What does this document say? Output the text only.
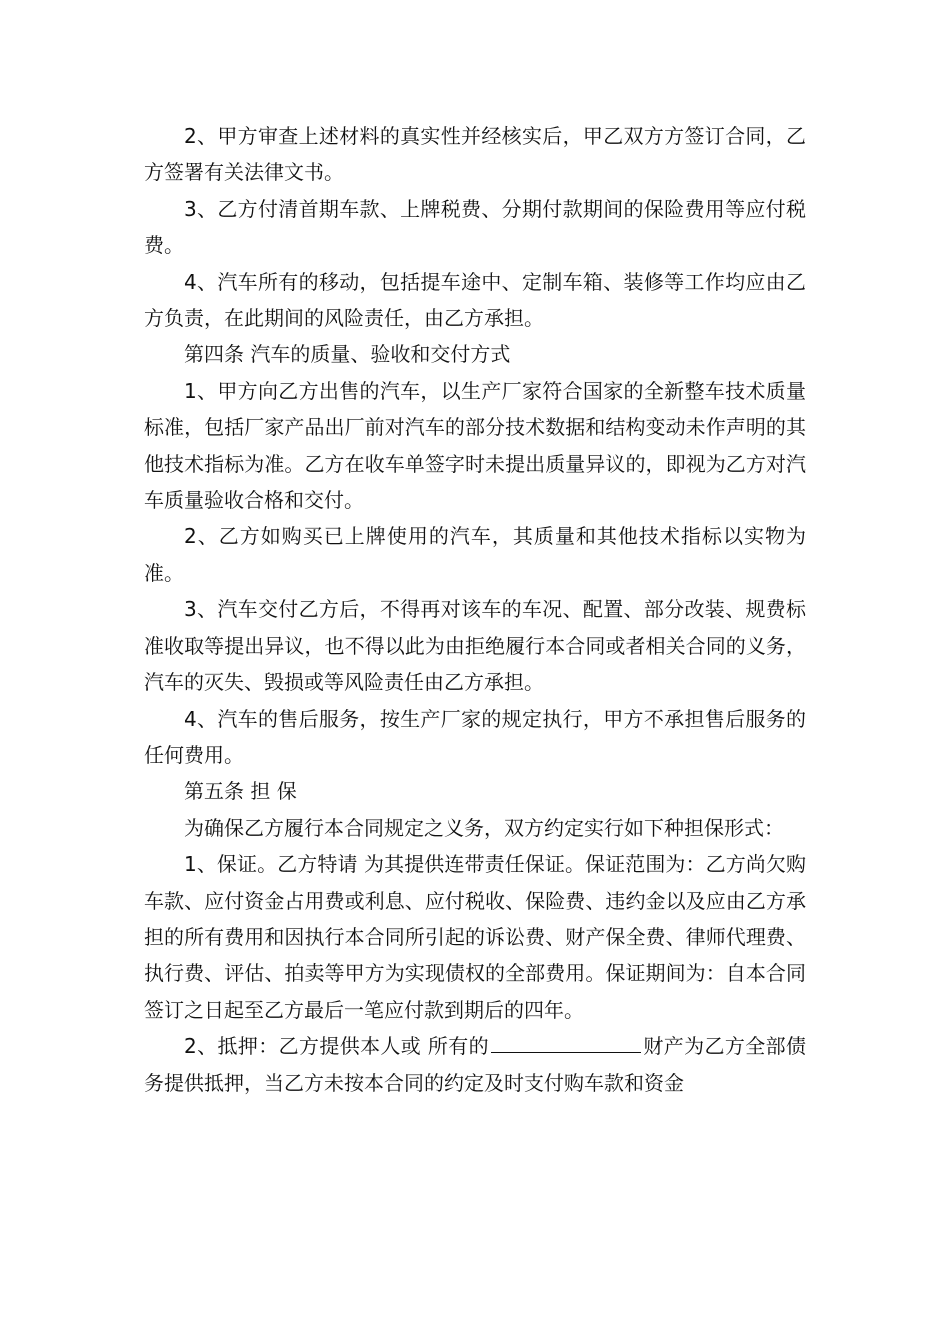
2、甲方审查上述材料的真实性并经核实后，甲乙双方方签订合同，乙方签署有关法律文书。

3、乙方付清首期车款、上牌税费、分期付款期间的保险费用等应付税费。

4、汽车所有的移动，包括提车途中、定制车箱、装修等工作均应由乙方负责，在此期间的风险责任，由乙方承担。

第四条 汽车的质量、验收和交付方式

1、甲方向乙方出售的汽车，以生产厂家符合国家的全新整车技术质量标准，包括厂家产品出厂前对汽车的部分技术数据和结构变动未作声明的其他技术指标为准。乙方在收车单签字时未提出质量异议的，即视为乙方对汽车质量验收合格和交付。

2、乙方如购买已上牌使用的汽车，其质量和其他技术指标以实物为准。

3、汽车交付乙方后，不得再对该车的车况、配置、部分改装、规费标准收取等提出异议，也不得以此为由拒绝履行本合同或者相关合同的义务，汽车的灭失、毁损或等风险责任由乙方承担。

4、汽车的售后服务，按生产厂家的规定执行，甲方不承担售后服务的任何费用。

第五条 担 保

为确保乙方履行本合同规定之义务，双方约定实行如下种担保形式：

1、保证。乙方特请 为其提供连带责任保证。保证范围为：乙方尚欠购车款、应付资金占用费或利息、应付税收、保险费、违约金以及应由乙方承担的所有费用和因执行本合同所引起的诉讼费、财产保全费、律师代理费、执行费、评估、拍卖等甲方为实现债权的全部费用。保证期间为：自本合同签订之日起至乙方最后一笔应付款到期后的四年。

2、抵押：乙方提供本人或 所有的	财产为乙方全部债务提供抵押，当乙方未按本合同的约定及时支付购车款和资金
